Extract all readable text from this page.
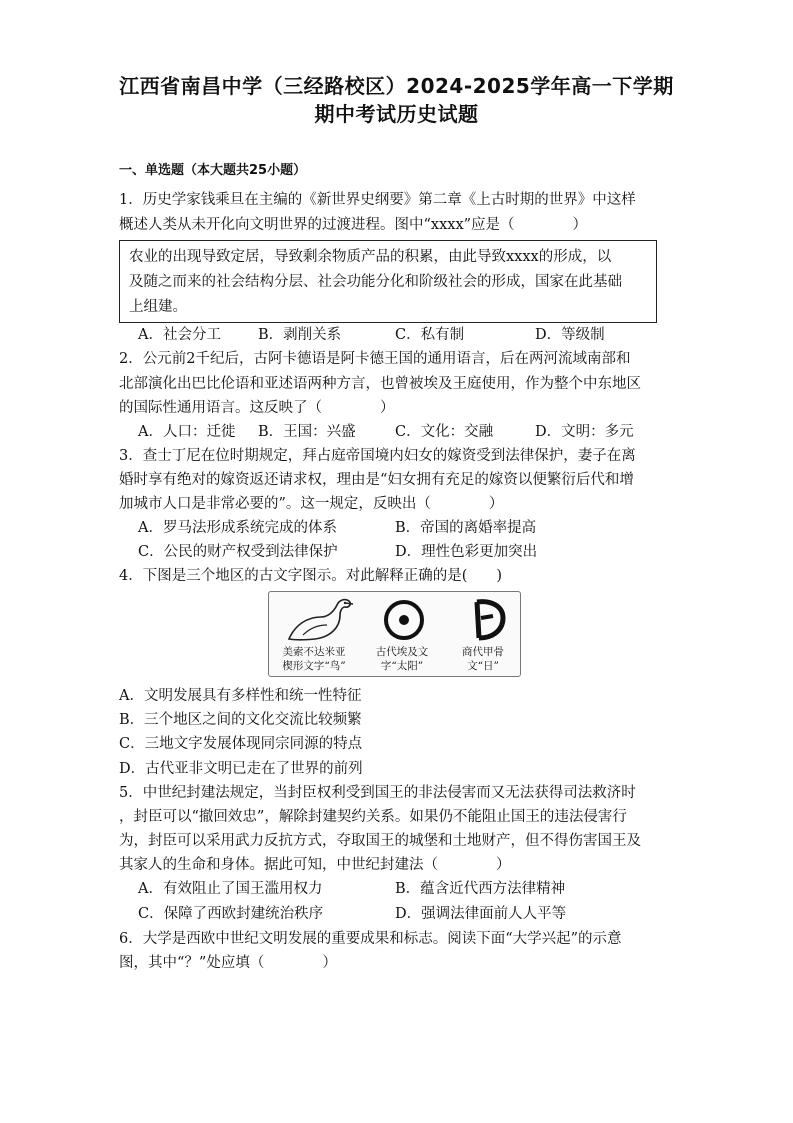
江西省南昌中学（三经路校区）2024-2025学年高一下学期
期中考试历史试题
一、单选题（本大题共25小题）
1．历史学家钱乘旦在主编的《新世界史纲要》第二章《上古时期的世界》中这样
概述人类从未开化向文明世界的过渡进程。图中“xxxx”应是（　　　　）
农业的出现导致定居，导致剩余物质产品的积累，由此导致xxxx的形成，以
及随之而来的社会结构分层、社会功能分化和阶级社会的形成，国家在此基础
上组建。
A．社会分工	B．剥削关系	C．私有制	D．等级制
2．公元前2千纪后，古阿卡德语是阿卡德王国的通用语言，后在两河流域南部和
北部演化出巴比伦语和亚述语两种方言，也曾被埃及王庭使用，作为整个中东地区
的国际性通用语言。这反映了（　　　　）
A．人口：迁徙 B．王国：兴盛	C．文化：交融	D．文明：多元
3．查士丁尼在位时期规定，拜占庭帝国境内妇女的嫁资受到法律保护，妻子在离
婚时享有绝对的嫁资返还请求权，理由是“妇女拥有充足的嫁资以便繁衍后代和增
加城市人口是非常必要的”。这一规定，反映出（　　　　）
A．罗马法形成系统完成的体系	B．帝国的离婚率提高
C．公民的财产权受到法律保护	D．理性色彩更加突出
4．下图是三个地区的古文字图示。对此解释正确的是(　　)
美索不达米亚
楔形文字“鸟”
古代埃及文
字“太阳”
商代甲骨
文“日”
A．文明发展具有多样性和统一性特征
B．三个地区之间的文化交流比较频繁
C．三地文字发展体现同宗同源的特点
D．古代亚非文明已走在了世界的前列
5．中世纪封建法规定，当封臣权利受到国王的非法侵害而又无法获得司法救济时
，封臣可以“撤回效忠”，解除封建契约关系。如果仍不能阻止国王的违法侵害行
为，封臣可以采用武力反抗方式，夺取国王的城堡和土地财产，但不得伤害国王及
其家人的生命和身体。据此可知，中世纪封建法（　　　　）
A．有效阻止了国王滥用权力	B．蕴含近代西方法律精神
C．保障了西欧封建统治秩序	D．强调法律面前人人平等
6．大学是西欧中世纪文明发展的重要成果和标志。阅读下面“大学兴起”的示意
图，其中“？”处应填（　　　　）
